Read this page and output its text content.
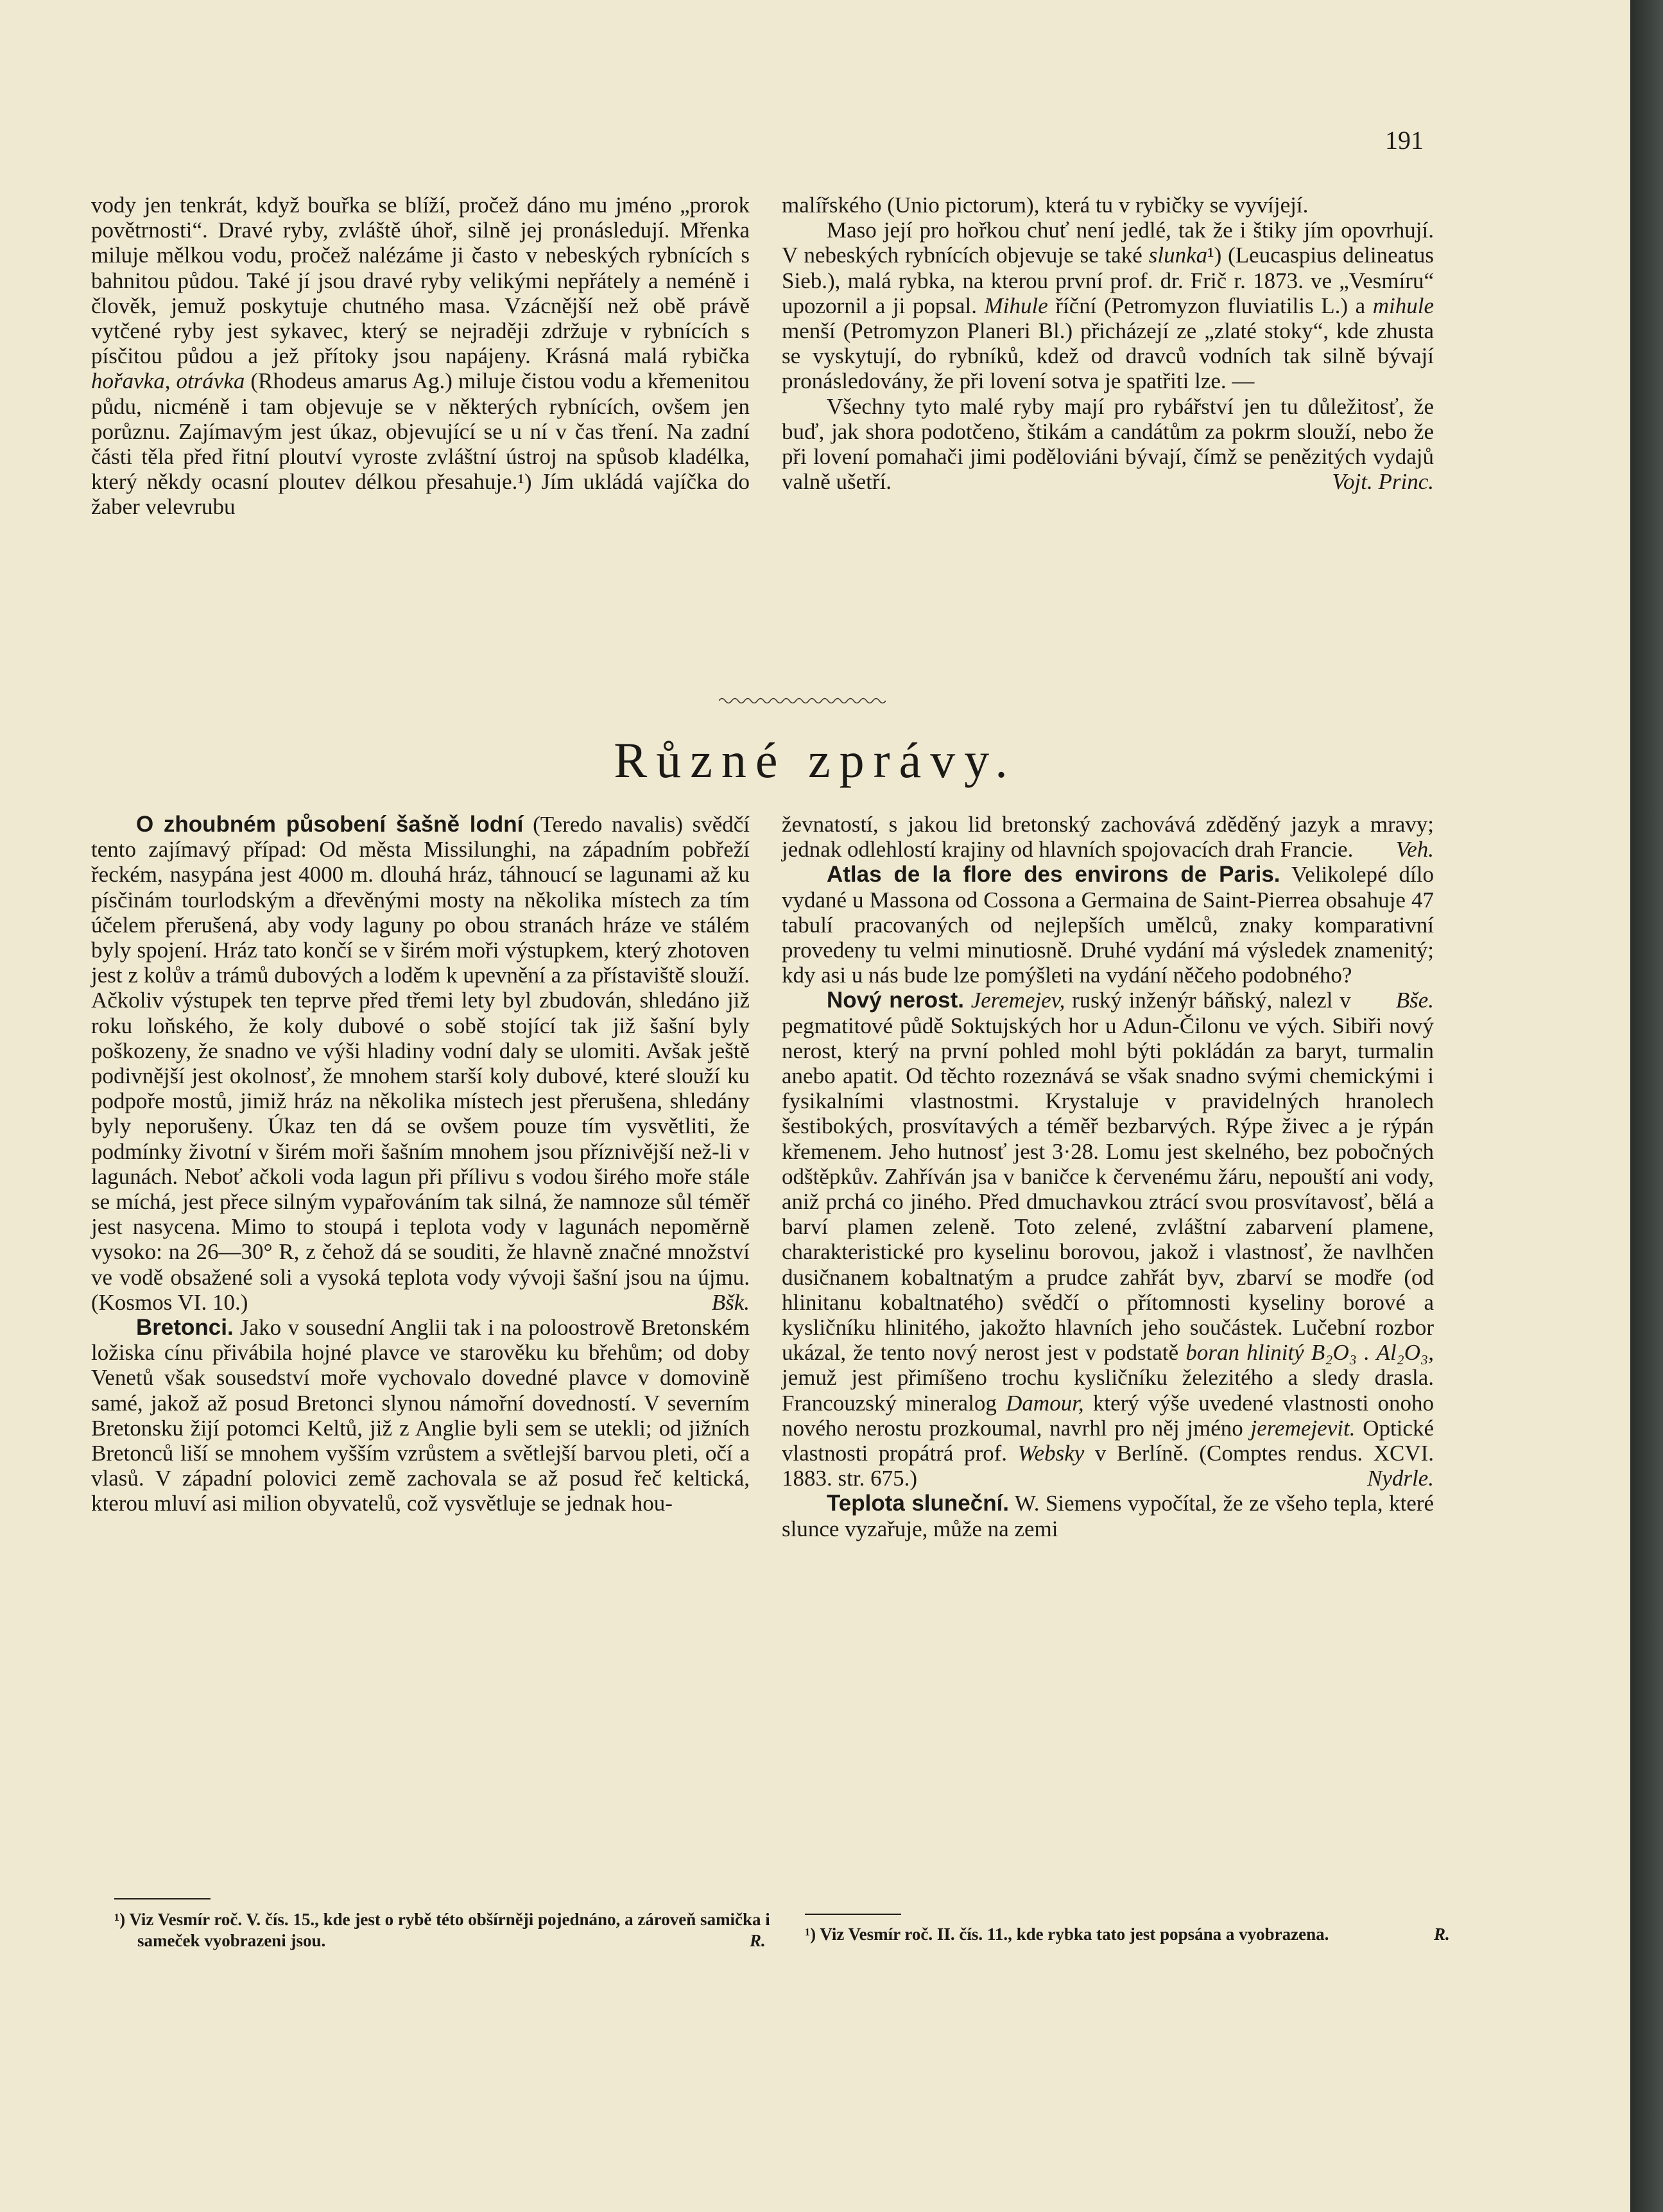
191

vody jen tenkrát, když bouřka se blíží, pročež dáno mu jméno „prorok povětrnosti“. Dravé ryby, zvláště úhoř, silně jej pronásledují. Mřenka miluje mělkou vodu, pročež nalézáme ji často v nebeských rybnících s bahnitou půdou. Také jí jsou dravé ryby velikými nepřátely a neméně i člověk, jemuž poskytuje chutného masa. Vzácnější než obě právě vytčené ryby jest sykavec, který se nejraději zdržuje v rybnících s písčitou půdou a jež přítoky jsou napájeny. Krásná malá rybička hořavka, otrávka (Rhodeus amarus Ag.) miluje čistou vodu a křemenitou půdu, nicméně i tam objevuje se v některých rybnících, ovšem jen porůznu. Zajímavým jest úkaz, objevující se u ní v čas tření. Na zadní části těla před řitní ploutví vyroste zvláštní ústroj na spůsob kladélka, který někdy ocasní ploutev délkou přesahuje.¹) Jím ukládá vajíčka do žaber velevrubu

malířského (Unio pictorum), která tu v rybičky se vyvíjejí.

Maso její pro hořkou chuť není jedlé, tak že i štiky jím opovrhují. V nebeských rybnících objevuje se také slunka¹) (Leucaspius delineatus Sieb.), malá rybka, na kterou první prof. dr. Frič r. 1873. ve „Vesmíru“ upozornil a ji popsal. Mihule říční (Petromyzon fluviatilis L.) a mihule menší (Petromyzon Planeri Bl.) přicházejí ze „zlaté stoky“, kde zhusta se vyskytují, do rybníků, kdež od dravců vodních tak silně bývají pronásledovány, že při lovení sotva je spatřiti lze. —

Všechny tyto malé ryby mají pro rybářství jen tu důležitosť, že buď, jak shora podotčeno, štikám a candátům za pokrm slouží, nebo že při lovení pomahači jimi poděloviáni bývají, čímž se penězitých vydajů valně ušetří.	Vojt. Princ.

Různé zprávy.

O zhoubném působení šašně lodní (Teredo navalis) svědčí tento zajímavý případ: Od města Missilunghi, na západním pobřeží řeckém, nasypána jest 4000 m. dlouhá hráz, táhnoucí se lagunami až ku písčinám tourlodským a dřevěnými mosty na několika místech za tím účelem přerušená, aby vody laguny po obou stranách hráze ve stálém byly spojení. Hráz tato končí se v širém moři výstupkem, který zhotoven jest z kolův a trámů dubových a loděm k upevnění a za přístaviště slouží. Ačkoliv výstupek ten teprve před třemi lety byl zbudován, shledáno již roku loňského, že koly dubové o sobě stojící tak již šašní byly poškozeny, že snadno ve výši hladiny vodní daly se ulomiti. Avšak ještě podivnější jest okolnosť, že mnohem starší koly dubové, které slouží ku podpoře mostů, jimiž hráz na několika místech jest přerušena, shledány byly neporušeny. Úkaz ten dá se ovšem pouze tím vysvětliti, že podmínky životní v širém moři šašním mnohem jsou příznivější než-li v lagunách. Neboť ačkoli voda lagun při přílivu s vodou širého moře stále se míchá, jest přece silným vypařováním tak silná, že namnoze sůl téměř jest nasycena. Mimo to stoupá i teplota vody v lagunách nepoměrně vysoko: na 26—30° R, z čehož dá se souditi, že hlavně značné množství ve vodě obsažené soli a vysoká teplota vody vývoji šašní jsou na újmu. (Kosmos VI. 10.)	Bšk.

Bretonci. Jako v sousední Anglii tak i na poloostrově Bretonském ložiska cínu přivábila hojné plavce ve starověku ku břehům; od doby Venetů však sousedství moře vychovalo dovedné plavce v domovině samé, jakož až posud Bretonci slynou námořní dovedností. V severním Bretonsku žijí potomci Keltů, již z Anglie byli sem se utekli; od jižních Bretonců liší se mnohem vyšším vzrůstem a světlejší barvou pleti, očí a vlasů. V západní polovici země zachovala se až posud řeč keltická, kterou mluví asi milion obyvatelů, což vysvětluje se jednak hou-

¹) Viz Vesmír roč. V. čís. 15., kde jest o rybě této obšírněji pojednáno, a zároveň samička i sameček vyobrazeni jsou.	R.

ževnatostí, s jakou lid bretonský zachovává zděděný jazyk a mravy; jednak odlehlostí krajiny od hlavních spojovacích drah Francie. Veh.

Atlas de la flore des environs de Paris. Velikolepé dílo vydané u Massona od Cossona a Germaina de Saint-Pierrea obsahuje 47 tabulí pracovaných od nejlepších umělců, znaky komparativní provedeny tu velmi minutiosně. Druhé vydání má výsledek znamenitý; kdy asi u nás bude lze pomýšleti na vydání něčeho podobného?
Bše.

Nový nerost. Jeremejev, ruský inženýr báňský, nalezl v pegmatitové půdě Soktujských hor u Adun-Čilonu ve vých. Sibiři nový nerost, který na první pohled mohl býti pokládán za baryt, turmalin anebo apatit. Od těchto rozeznává se však snadno svými chemickými i fysikalními vlastnostmi. Krystaluje v pravidelných hranolech šestibokých, prosvítavých a téměř bezbarvých. Rýpe živec a je rýpán křemenem. Jeho hutnosť jest 3·28. Lomu jest skelného, bez pobočných odštěpkův. Zahříván jsa v baničce k červenému žáru, nepouští ani vody, aniž prchá co jiného. Před dmuchavkou ztrácí svou prosvítavosť, bělá a barví plamen zeleně. Toto zelené, zvláštní zabarvení plamene, charakteristické pro kyselinu borovou, jakož i vlastnosť, že navlhčen dusičnanem kobaltnatým a prudce zahřát byv, zbarví se modře (od hlinitanu kobaltnatého) svědčí o přítomnosti kyseliny borové a kysličníku hlinitého, jakožto hlavních jeho součástek. Lučební rozbor ukázal, že tento nový nerost jest v podstatě boran hlinitý B₂O₃ . Al₂O₃, jemuž jest přimíšeno trochu kysličníku železitého a sledy drasla. Francouzský mineralog Damour, který výše uvedené vlastnosti onoho nového nerostu prozkoumal, navrhl pro něj jméno jeremejevit. Optické vlastnosti propátrá prof. Websky v Berlíně. (Comptes rendus. XCVI. 1883. str. 675.)	Nydrle.

Teplota sluneční. W. Siemens vypočítal, že ze všeho tepla, které slunce vyzařuje, může na zemi

¹) Viz Vesmír roč. II. čís. 11., kde rybka tato jest popsána a vyobrazena.	R.
